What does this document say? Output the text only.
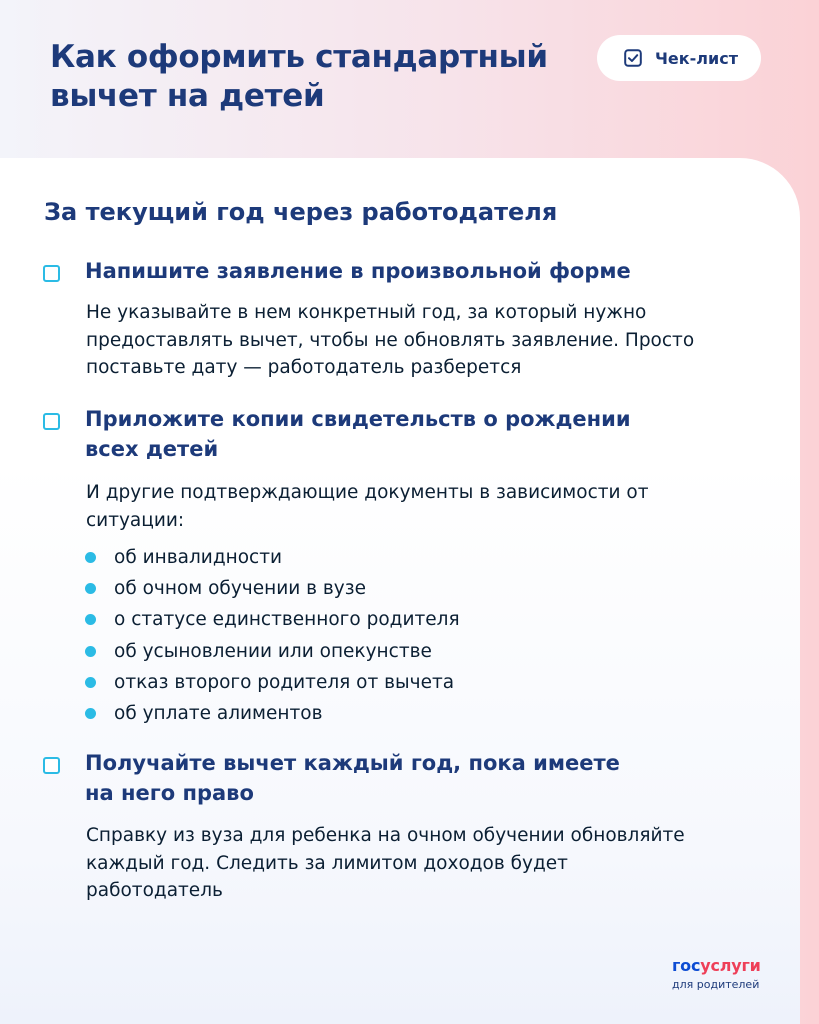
Как оформить стандартный вычет на детей
Чек-лист
За текущий год через работодателя
Напишите заявление в произвольной форме

Не указывайте в нем конкретный год, за который нужно предоставлять вычет, чтобы не обновлять заявление. Просто поставьте дату — работодатель разберется

Приложите копии свидетельств о рождении всех детей

И другие подтверждающие документы в зависимости от ситуации:

об инвалидности
об очном обучении в вузе
о статусе единственного родителя
об усыновлении или опекунстве
отказ второго родителя от вычета
об уплате алиментов
Получайте вычет каждый год, пока имеете на него право

Справку из вуза для ребенка на очном обучении обновляйте каждый год. Следить за лимитом доходов будет работодатель

госуслуги
для родителей
